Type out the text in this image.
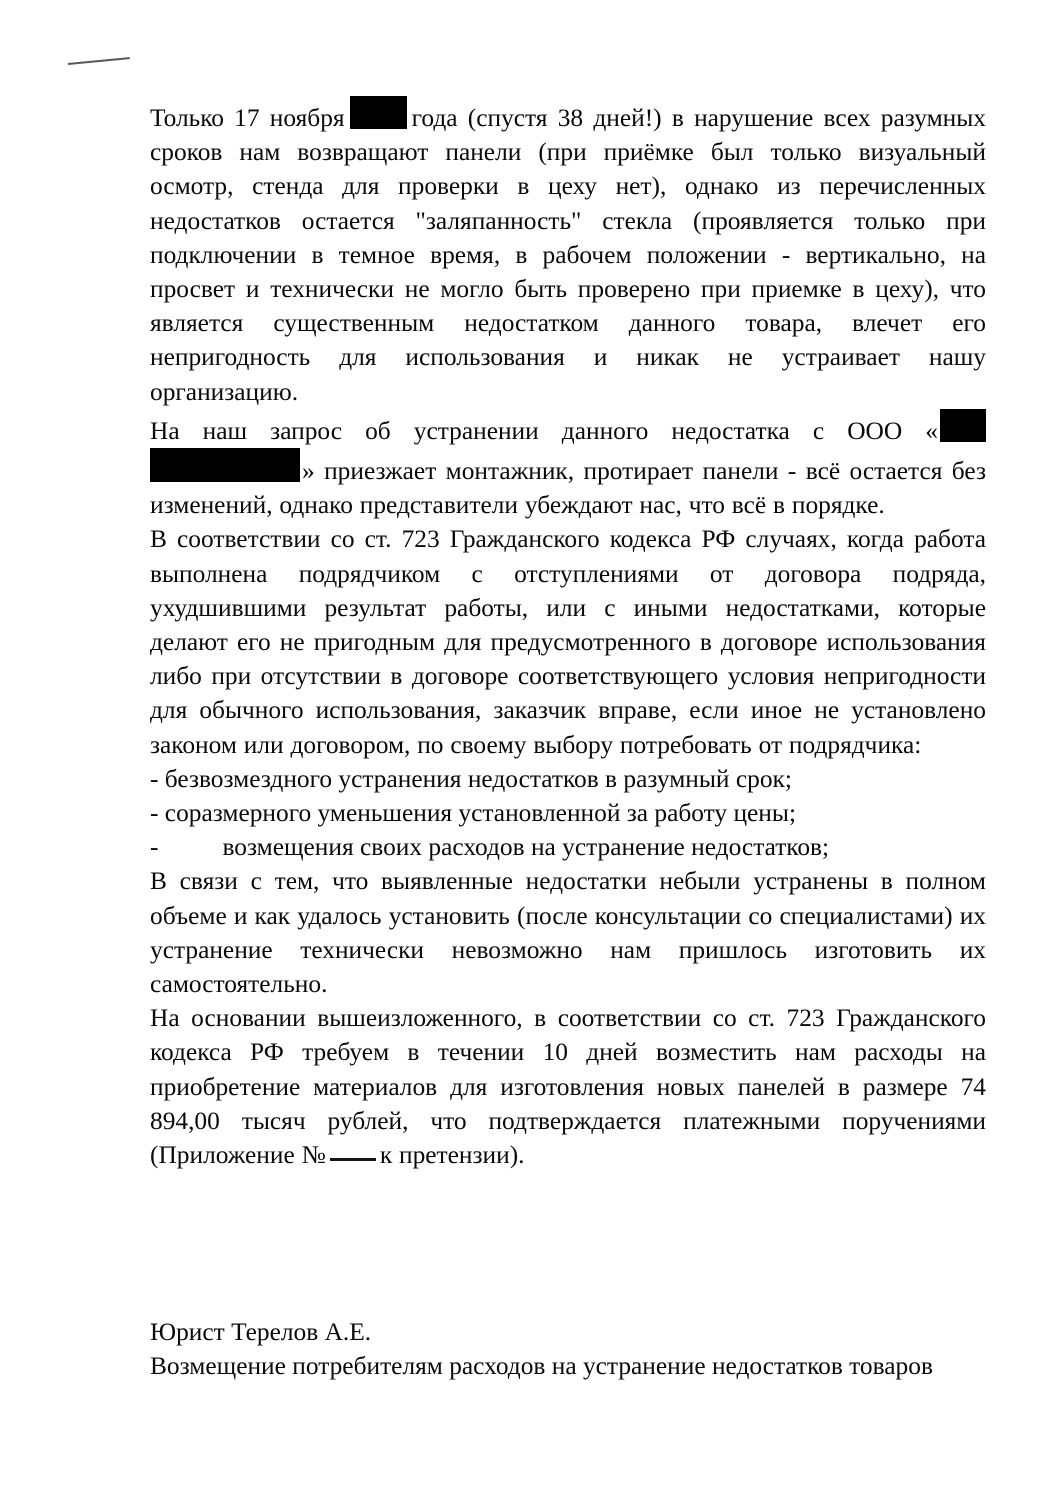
Только 17 ноября	года (спустя 38 дней!) в нарушение всех разумных сроков нам возвращают панели (при приёмке был только визуальный осмотр, стенда для проверки в цеху нет), однако из перечисленных недостатков остается "заляпанность" стекла (проявляется только при подключении в темное время, в рабочем положении - вертикально, на просвет и технически не могло быть проверено при приемке в цеху), что является существенным недостатком данного товара, влечет его непригодность для использования и никак не устраивает нашу организацию.

На наш запрос об устранении данного недостатка с ООО «» приезжает монтажник, протирает панели - всё остается без изменений, однако представители убеждают нас, что всё в порядке.

В соответствии со ст. 723 Гражданского кодекса РФ случаях, когда работа выполнена подрядчиком с отступлениями от договора подряда, ухудшившими результат работы, или с иными недостатками, которые делают его не пригодным для предусмотренного в договоре использования либо при отсутствии в договоре соответствующего условия непригодности для обычного использования, заказчик вправе, если иное не установлено законом или договором, по своему выбору потребовать от подрядчика:

- безвозмездного устранения недостатков в разумный срок;

- соразмерного уменьшения установленной за работу цены;

-	возмещения своих расходов на устранение недостатков;

В связи с тем, что выявленные недостатки небыли устранены в полном объеме и как удалось установить (после консультации со специалистами) их устранение технически невозможно нам пришлось изготовить их самостоятельно.

На основании вышеизложенного, в соответствии со ст. 723 Гражданского кодекса РФ требуем в течении 10 дней возместить нам расходы на приобретение материалов для изготовления новых панелей в размере 74 894,00 тысяч рублей, что подтверждается платежными поручениями (Приложение № к претензии).

Юрист Терелов А.Е.

Возмещение потребителям расходов на устранение недостатков товаров
